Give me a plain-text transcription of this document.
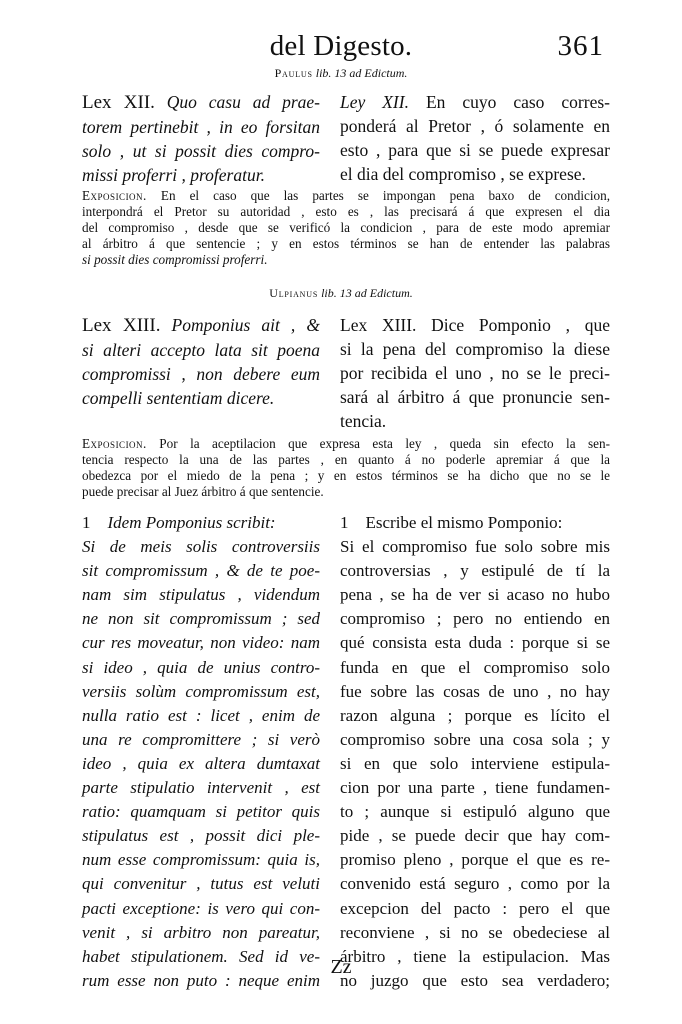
del Digesto.	361
Paulus lib. 13 ad Edictum.
Lex XII. Quo casu ad prae-
torem pertinebit , in eo forsitan
solo , ut si possit dies compro-
missi proferri , proferatur.
Ley XII. En cuyo caso corres-
ponderá al Pretor , ó solamente en
esto , para que si se puede expresar
el dia del compromiso , se exprese.
Exposicion. En el caso que las partes se impongan pena baxo de condicion,
interpondrá el Pretor su autoridad , esto es , las precisará á que expresen el dia
del compromiso , desde que se verificó la condicion , para de este modo apremiar
al árbitro á que sentencie ; y en estos términos se han de entender las palabras
si possit dies compromissi proferri.
Ulpianus lib. 13 ad Edictum.
Lex XIII. Pomponius ait , &
si alteri accepto lata sit poena
compromissi , non debere eum
compelli sententiam dicere.
Lex XIII. Dice Pomponio , que
si la pena del compromiso la diese
por recibida el uno , no se le preci-
sará al árbitro á que pronuncie sen-
tencia.
Exposicion. Por la aceptilacion que expresa esta ley , queda sin efecto la sen-
tencia respecto la una de las partes , en quanto á no poderle apremiar á que la
obedezca por el miedo de la pena ; y en estos términos se ha dicho que no se le
puede precisar al Juez árbitro á que sentencie.
1 Idem Pomponius scribit:
Si de meis solis controversiis
sit compromissum , & de te poe-
nam sim stipulatus , videndum
ne non sit compromissum ; sed
cur res moveatur, non video: nam
si ideo , quia de unius contro-
versiis solùm compromissum est,
nulla ratio est : licet , enim de
una re compromittere ; si verò
ideo , quia ex altera dumtaxat
parte stipulatio intervenit , est
ratio: quamquam si petitor quis
stipulatus est , possit dici ple-
num esse compromissum: quia is,
qui convenitur , tutus est veluti
pacti exceptione: is vero qui con-
venit , si arbitro non pareatur,
habet stipulationem. Sed id ve-
rum esse non puto : neque enim
1 Escribe el mismo Pomponio:
Si el compromiso fue solo sobre mis
controversias , y estipulé de tí la
pena , se ha de ver si acaso no hubo
compromiso ; pero no entiendo en
qué consista esta duda : porque si se
funda en que el compromiso solo
fue sobre las cosas de uno , no hay
razon alguna ; porque es lícito el
compromiso sobre una cosa sola ; y
si en que solo interviene estipula-
cion por una parte , tiene fundamen-
to ; aunque si estipuló alguno que
pide , se puede decir que hay com-
promiso pleno , porque el que es re-
convenido está seguro , como por la
excepcion del pacto : pero el que
reconviene , si no se obedeciese al
árbitro , tiene la estipulacion. Mas
no juzgo que esto sea verdadero;
Zz
